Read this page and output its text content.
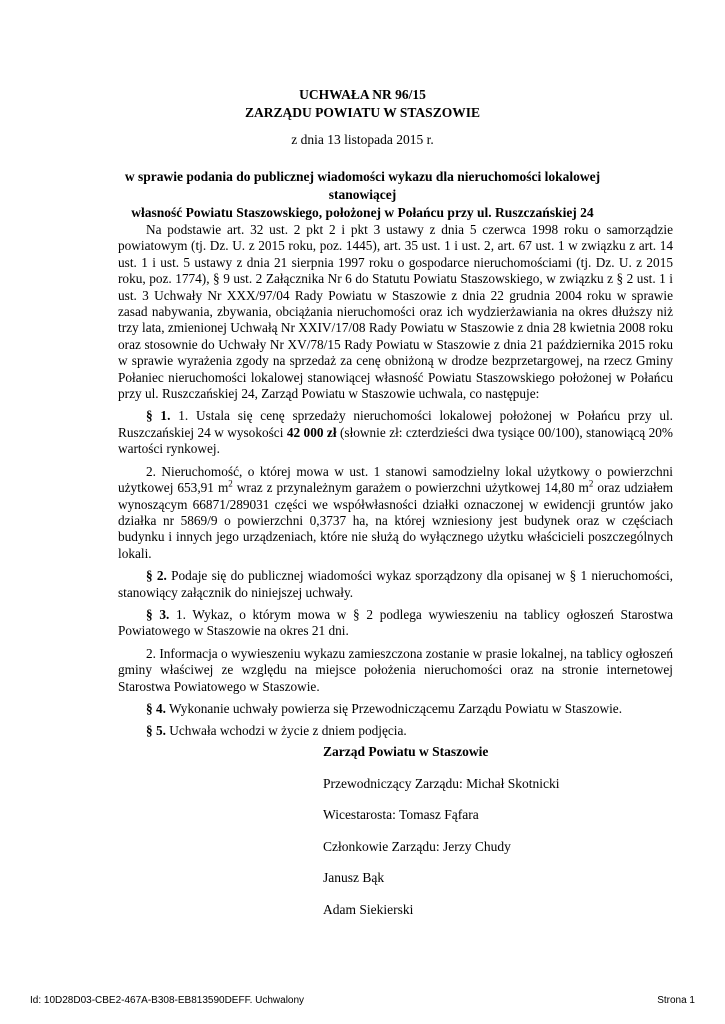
UCHWAŁA NR 96/15
ZARZĄDU POWIATU W STASZOWIE
z dnia 13 listopada 2015 r.
w sprawie podania do publicznej wiadomości wykazu dla nieruchomości lokalowej stanowiącej
własność Powiatu Staszowskiego, położonej w Połańcu przy ul. Ruszczańskiej 24

Na podstawie art. 32 ust. 2 pkt 2 i pkt 3 ustawy z dnia 5 czerwca 1998 roku o samorządzie powiatowym (tj. Dz. U. z 2015 roku, poz. 1445), art. 35 ust. 1 i ust. 2, art. 67 ust. 1 w związku z art. 14 ust. 1 i ust. 5 ustawy z dnia 21 sierpnia 1997 roku o gospodarce nieruchomościami (tj. Dz. U. z 2015 roku, poz. 1774), § 9 ust. 2 Załącznika Nr 6 do Statutu Powiatu Staszowskiego, w związku z § 2 ust. 1 i ust. 3 Uchwały Nr XXX/97/04 Rady Powiatu w Staszowie z dnia 22 grudnia 2004 roku w sprawie zasad nabywania, zbywania, obciążania nieruchomości oraz ich wydzierżawiania na okres dłuższy niż trzy lata, zmienionej Uchwałą Nr XXIV/17/08 Rady Powiatu w Staszowie z dnia 28 kwietnia 2008 roku oraz stosownie do Uchwały Nr XV/78/15 Rady Powiatu w Staszowie z dnia 21 października 2015 roku w sprawie wyrażenia zgody na sprzedaż za cenę obniżoną w drodze bezprzetargowej, na rzecz Gminy Połaniec nieruchomości lokalowej stanowiącej własność Powiatu Staszowskiego położonej w Połańcu przy ul. Ruszczańskiej 24, Zarząd Powiatu w Staszowie uchwala, co następuje:

§ 1. 1. Ustala się cenę sprzedaży nieruchomości lokalowej położonej w Połańcu przy ul. Ruszczańskiej 24 w wysokości 42 000 zł (słownie zł: czterdzieści dwa tysiące 00/100), stanowiącą 20% wartości rynkowej.

2. Nieruchomość, o której mowa w ust. 1 stanowi samodzielny lokal użytkowy o powierzchni użytkowej 653,91 $m^2$ wraz z przynależnym garażem o powierzchni użytkowej 14,80 $m^2$ oraz udziałem wynoszącym 66871/289031 części we współwłasności działki oznaczonej w ewidencji gruntów jako działka nr 5869/9 o powierzchni 0,3737 ha, na której wzniesiony jest budynek oraz w częściach budynku i innych jego urządzeniach, które nie służą do wyłącznego użytku właścicieli poszczególnych lokali.

§ 2. Podaje się do publicznej wiadomości wykaz sporządzony dla opisanej w § 1 nieruchomości, stanowiący załącznik do niniejszej uchwały.

§ 3. 1. Wykaz, o którym mowa w § 2 podlega wywieszeniu na tablicy ogłoszeń Starostwa Powiatowego w Staszowie na okres 21 dni.

2. Informacja o wywieszeniu wykazu zamieszczona zostanie w prasie lokalnej, na tablicy ogłoszeń gminy właściwej ze względu na miejsce położenia nieruchomości oraz na stronie internetowej Starostwa Powiatowego w Staszowie.

§ 4. Wykonanie uchwały powierza się Przewodniczącemu Zarządu Powiatu w Staszowie.

§ 5. Uchwała wchodzi w życie z dniem podjęcia.

Zarząd Powiatu w Staszowie
Przewodniczący Zarządu: Michał Skotnicki
Wicestarosta: Tomasz Fąfara
Członkowie Zarządu: Jerzy Chudy
Janusz Bąk
Adam Siekierski
Id: 10D28D03-CBE2-467A-B308-EB813590DEFF. Uchwalony	Strona 1
